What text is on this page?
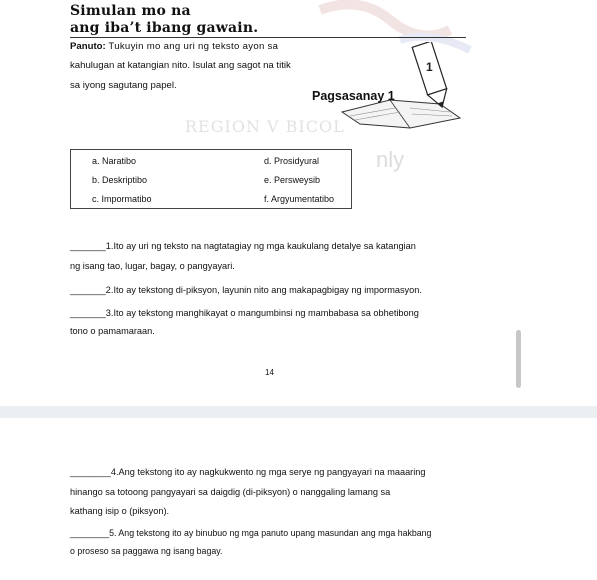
Simulan mo na
ang iba’t ibang gawain.
Panuto: Tukuyin mo ang uri ng teksto ayon sa
kahulugan at katangian nito. Isulat ang sagot na titik
sa iyong sagutang papel.
1
Pagsasanay 1
REGION V BICOL
nly
a. Naratibo
b. Deskriptibo
c. Impormatibo
d. Prosidyural
e. Persweysib
f. Argyumentatibo
_______1.Ito ay uri ng teksto na nagtatagiay ng mga kaukulang detalye sa katangian
ng isang tao, lugar, bagay, o pangyayari.
_______2.Ito ay tekstong di-piksyon, layunin nito ang makapagbigay ng impormasyon.
_______3.Ito ay tekstong manghikayat o mangumbinsi ng mambabasa sa obhetibong
tono o pamamaraan.
14
________4.Ang tekstong ito ay nagkukwento ng mga serye ng pangyayari na maaaring
hinango sa totoong pangyayari sa daigdig (di-piksyon) o nanggaling lamang sa
kathang isip o (piksyon).
________5. Ang tekstong ito ay binubuo ng mga panuto upang masundan ang mga hakbang
o proseso sa paggawa ng isang bagay.
